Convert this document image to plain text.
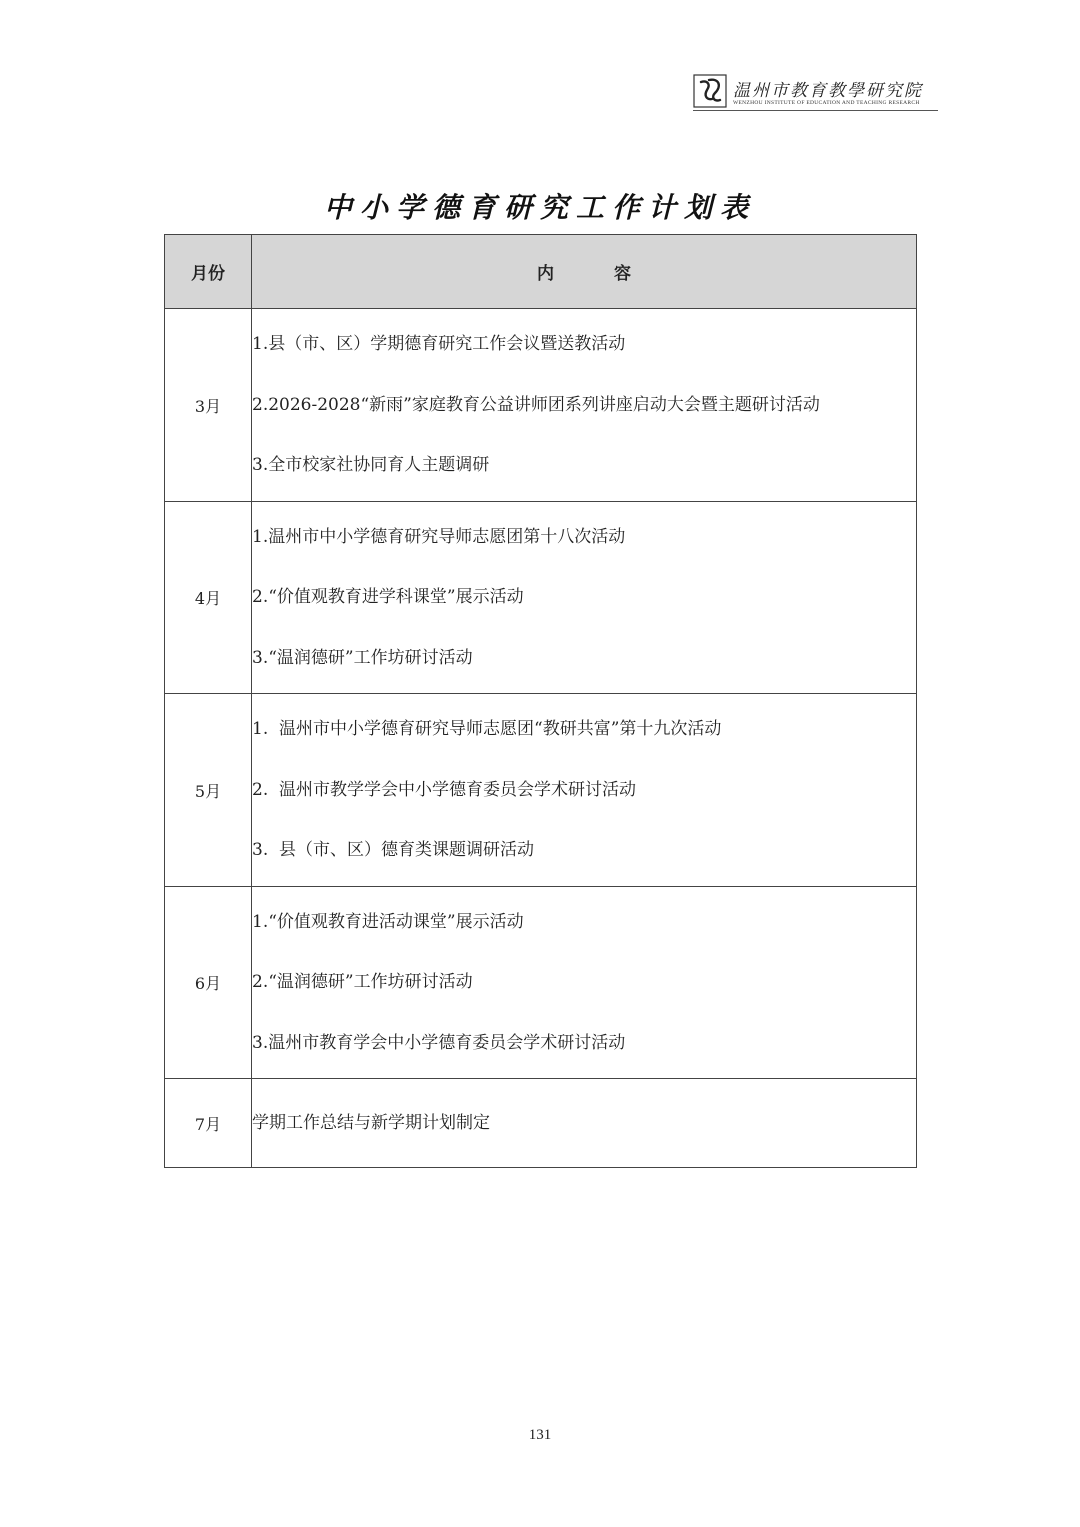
温州市教育教學研究院
WENZHOU INSTITUTE OF EDUCATION AND TEACHING RESEARCH
中小学德育研究工作计划表
月份	内容
3月	1.县（市、区）学期德育研究工作会议暨送教活动
2.2026-2028“新雨”家庭教育公益讲师团系列讲座启动大会暨主题研讨活动
3.全市校家社协同育人主题调研

4月	1.温州市中小学德育研究导师志愿团第十八次活动
2.“价值观教育进学科课堂”展示活动
3.“温润德研”工作坊研讨活动

5月	1.  温州市中小学德育研究导师志愿团“教研共富”第十九次活动
2.  温州市教学学会中小学德育委员会学术研讨活动
3.  县（市、区）德育类课题调研活动

6月	1.“价值观教育进活动课堂”展示活动
2.“温润德研”工作坊研讨活动
3.温州市教育学会中小学德育委员会学术研讨活动

7月	学期工作总结与新学期计划制定
131
